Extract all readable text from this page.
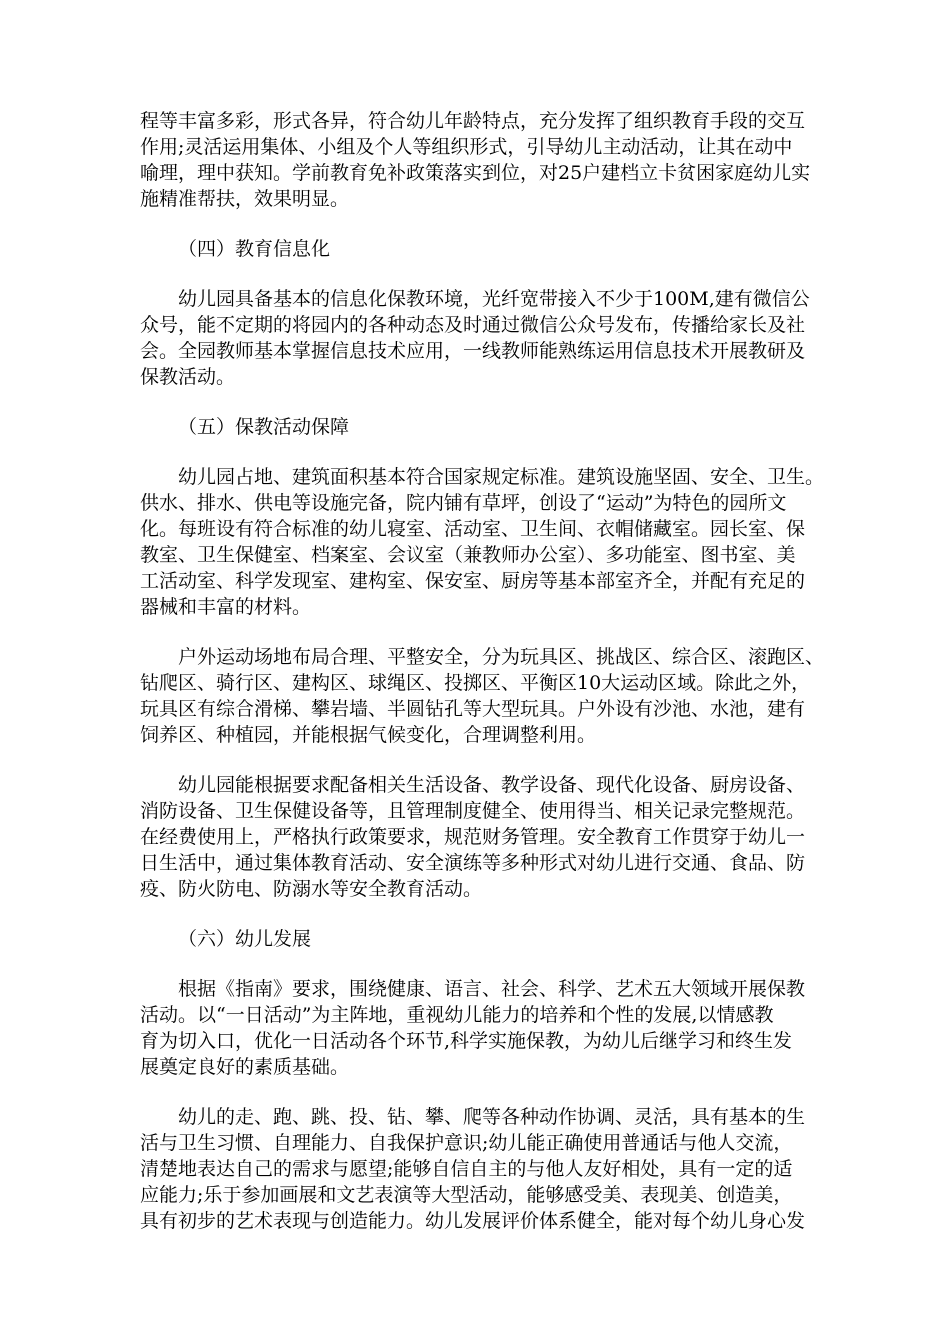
程等丰富多彩，形式各异，符合幼儿年龄特点，充分发挥了组织教育手段的交互
作用;灵活运用集体、小组及个人等组织形式，引导幼儿主动活动，让其在动中
喻理，理中获知。学前教育免补政策落实到位，对25户建档立卡贫困家庭幼儿实
施精准帮扶，效果明显。
（四）教育信息化
幼儿园具备基本的信息化保教环境，光纤宽带接入不少于100M,建有微信公
众号，能不定期的将园内的各种动态及时通过微信公众号发布，传播给家长及社
会。全园教师基本掌握信息技术应用，一线教师能熟练运用信息技术开展教研及
保教活动。
（五）保教活动保障
幼儿园占地、建筑面积基本符合国家规定标准。建筑设施坚固、安全、卫生。
供水、排水、供电等设施完备，院内铺有草坪，创设了“运动”为特色的园所文
化。每班设有符合标准的幼儿寝室、活动室、卫生间、衣帽储藏室。园长室、保
教室、卫生保健室、档案室、会议室（兼教师办公室）、多功能室、图书室、美
工活动室、科学发现室、建构室、保安室、厨房等基本部室齐全，并配有充足的
器械和丰富的材料。
户外运动场地布局合理、平整安全，分为玩具区、挑战区、综合区、滚跑区、
钻爬区、骑行区、建构区、球绳区、投掷区、平衡区10大运动区域。除此之外，
玩具区有综合滑梯、攀岩墙、半圆钻孔等大型玩具。户外设有沙池、水池，建有
饲养区、种植园，并能根据气候变化，合理调整利用。
幼儿园能根据要求配备相关生活设备、教学设备、现代化设备、厨房设备、
消防设备、卫生保健设备等，且管理制度健全、使用得当、相关记录完整规范。
在经费使用上，严格执行政策要求，规范财务管理。安全教育工作贯穿于幼儿一
日生活中，通过集体教育活动、安全演练等多种形式对幼儿进行交通、食品、防
疫、防火防电、防溺水等安全教育活动。
（六）幼儿发展
根据《指南》要求，围绕健康、语言、社会、科学、艺术五大领域开展保教
活动。以“一日活动”为主阵地，重视幼儿能力的培养和个性的发展,以情感教
育为切入口，优化一日活动各个环节,科学实施保教，为幼儿后继学习和终生发
展奠定良好的素质基础。
幼儿的走、跑、跳、投、钻、攀、爬等各种动作协调、灵活，具有基本的生
活与卫生习惯、自理能力、自我保护意识;幼儿能正确使用普通话与他人交流，
清楚地表达自己的需求与愿望;能够自信自主的与他人友好相处，具有一定的适
应能力;乐于参加画展和文艺表演等大型活动，能够感受美、表现美、创造美，
具有初步的艺术表现与创造能力。幼儿发展评价体系健全，能对每个幼儿身心发
